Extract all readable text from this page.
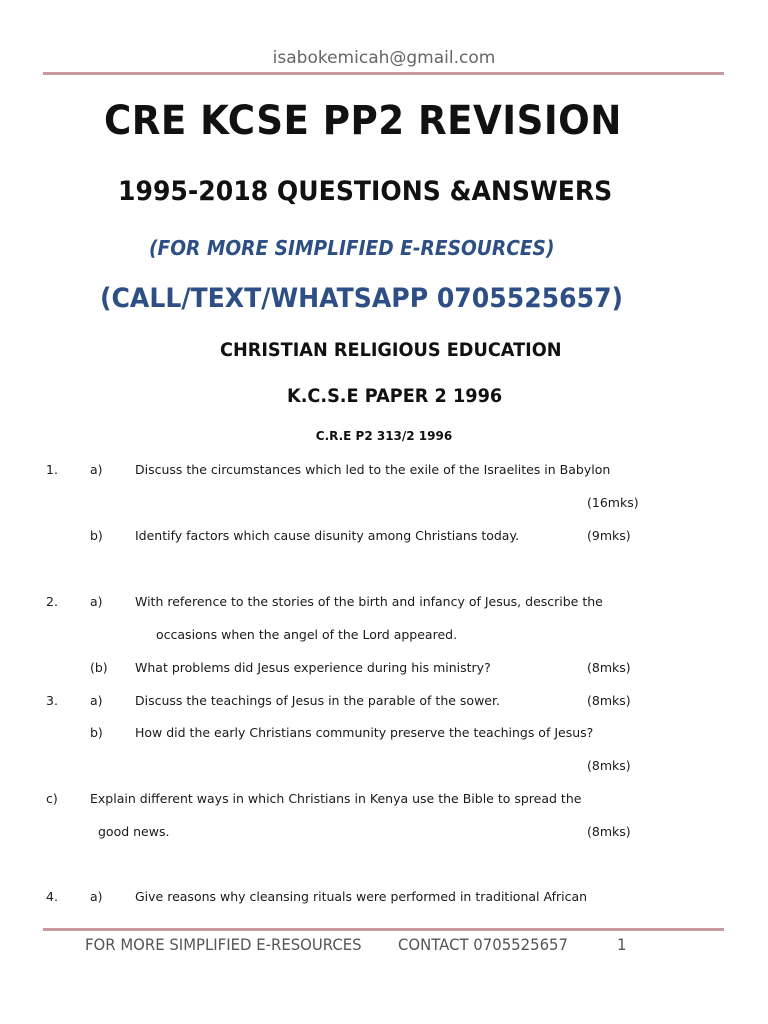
isabokemicah@gmail.com
CRE KCSE PP2 REVISION
1995-2018 QUESTIONS &ANSWERS
(FOR MORE SIMPLIFIED E-RESOURCES)
(CALL/TEXT/WHATSAPP 0705525657)
CHRISTIAN RELIGIOUS EDUCATION
K.C.S.E PAPER 2 1996
C.R.E P2 313/2 1996
1.	a)	Discuss the circumstances which led to the exile of the Israelites in Babylon
(16mks)
b)	Identify factors which cause disunity among Christians today.	(9mks)
2.	a)	With reference to the stories of the birth and infancy of Jesus, describe the
occasions when the angel of the Lord appeared.
(b) What problems did Jesus experience during his ministry?	(8mks)
3.	a)	Discuss the teachings of Jesus in the parable of the sower.	(8mks)
b)	How did the early Christians community preserve the teachings of Jesus?
(8mks)
c)	Explain different ways in which Christians in Kenya use the Bible to spread the
good news.	(8mks)
4.	a)	Give reasons why cleansing rituals were performed in traditional African
FOR MORE SIMPLIFIED E-RESOURCES CONTACT 0705525657	1
